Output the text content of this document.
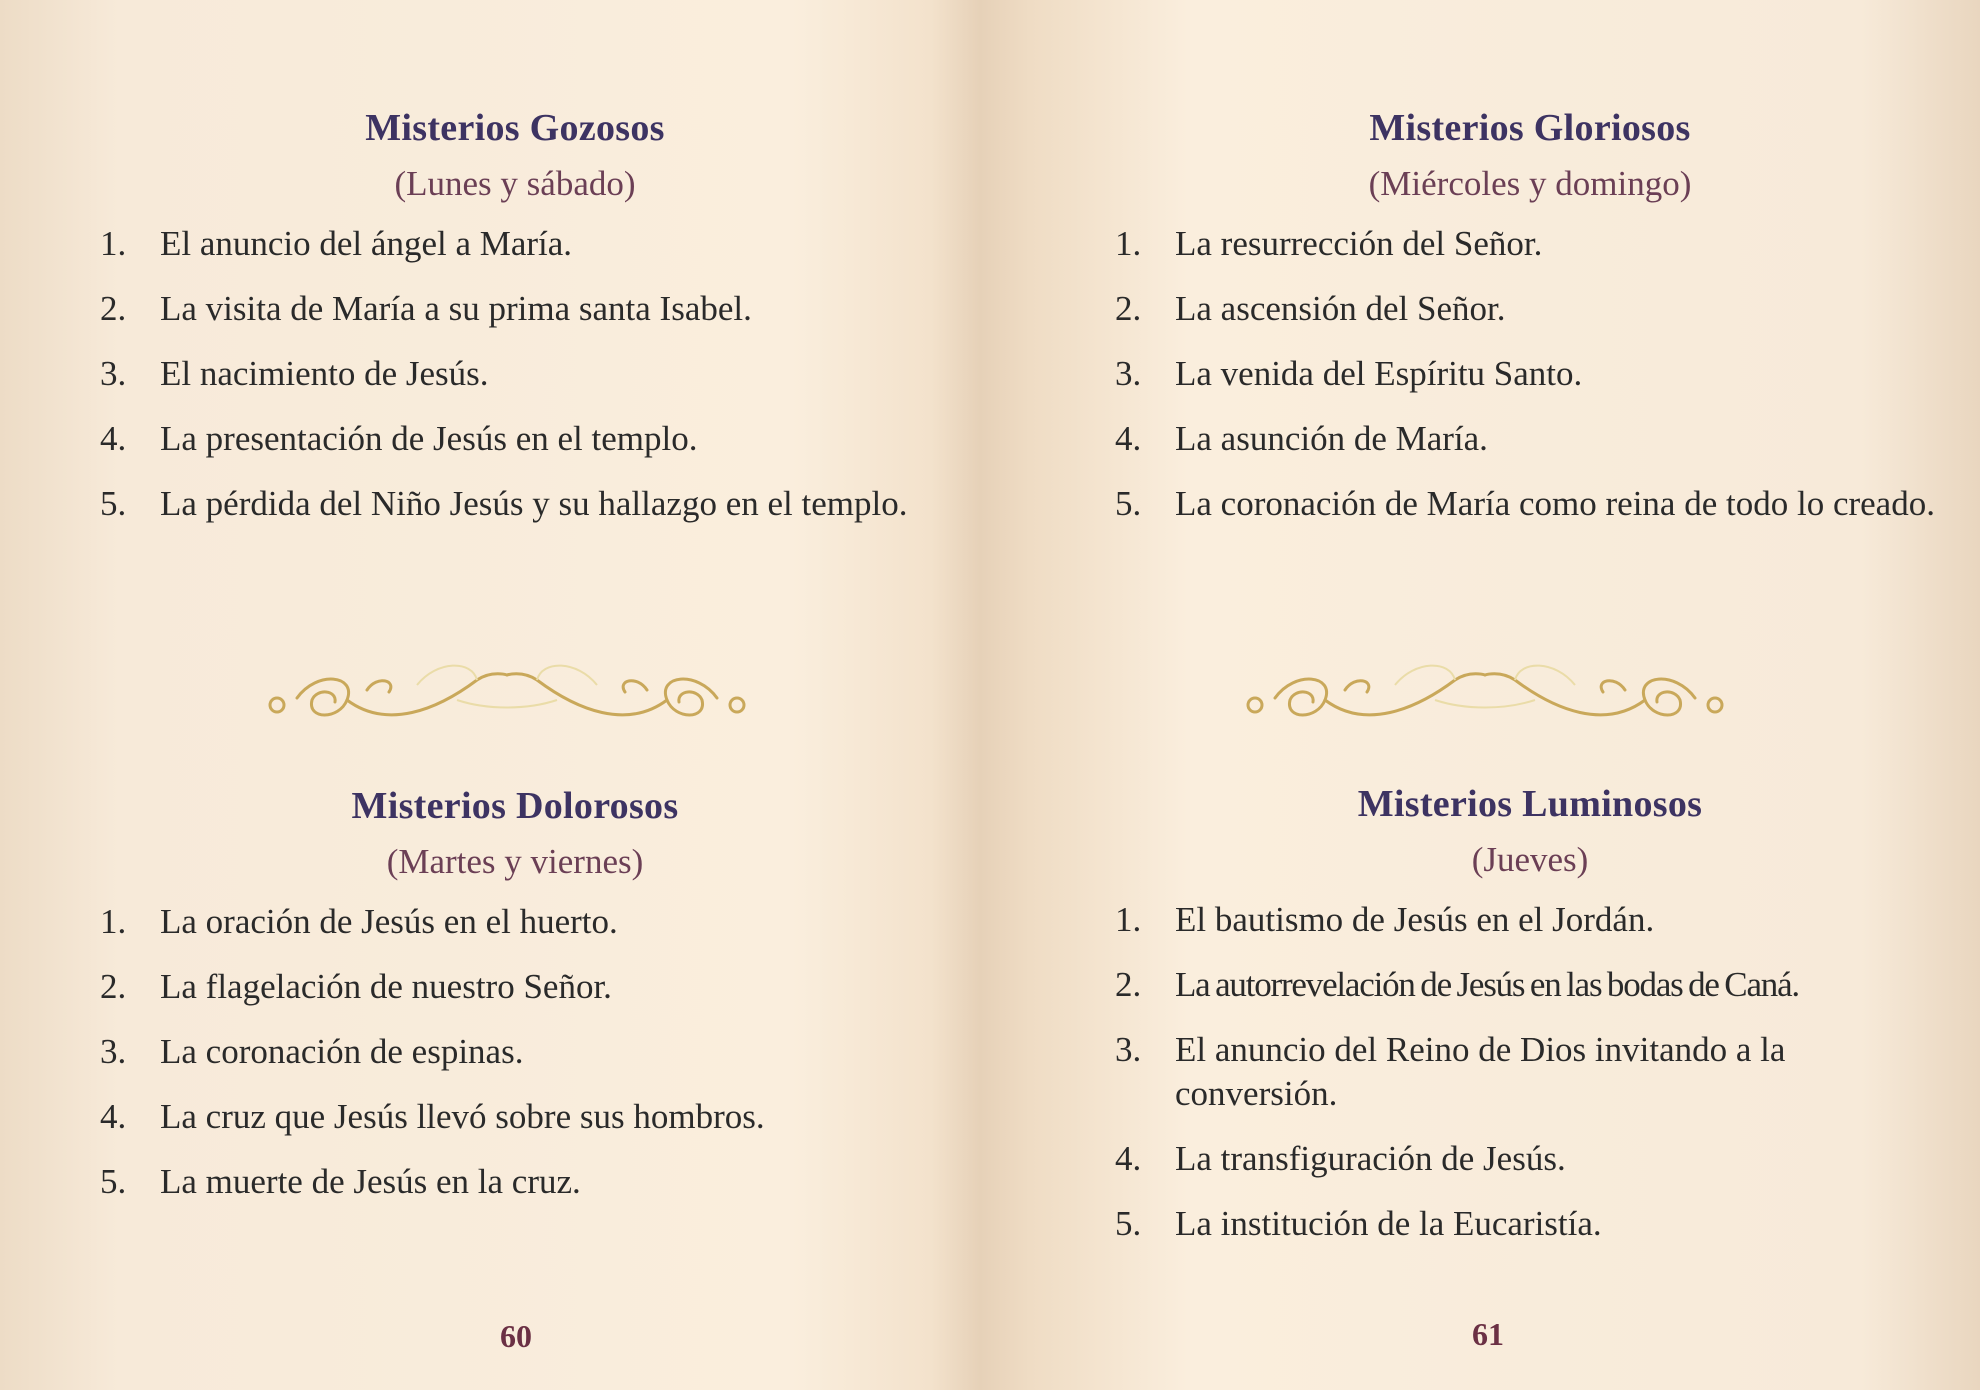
Misterios Gozosos
(Lunes y sábado)
1. El anuncio del ángel a María.
2. La visita de María a su prima santa Isabel.
3. El nacimiento de Jesús.
4. La presentación de Jesús en el templo.
5. La pérdida del Niño Jesús y su hallazgo en el templo.
Misterios Dolorosos
(Martes y viernes)
1. La oración de Jesús en el huerto.
2. La flagelación de nuestro Señor.
3. La coronación de espinas.
4. La cruz que Jesús llevó sobre sus hombros.
5. La muerte de Jesús en la cruz.
60
Misterios Gloriosos
(Miércoles y domingo)
1. La resurrección del Señor.
2. La ascensión del Señor.
3. La venida del Espíritu Santo.
4. La asunción de María.
5. La coronación de María como reina de todo lo creado.
Misterios Luminosos
(Jueves)
1. El bautismo de Jesús en el Jordán.
2. La autorrevelación de Jesús en las bodas de Caná.
3. El anuncio del Reino de Dios invitando a la conversión.
4. La transfiguración de Jesús.
5. La institución de la Eucaristía.
61
